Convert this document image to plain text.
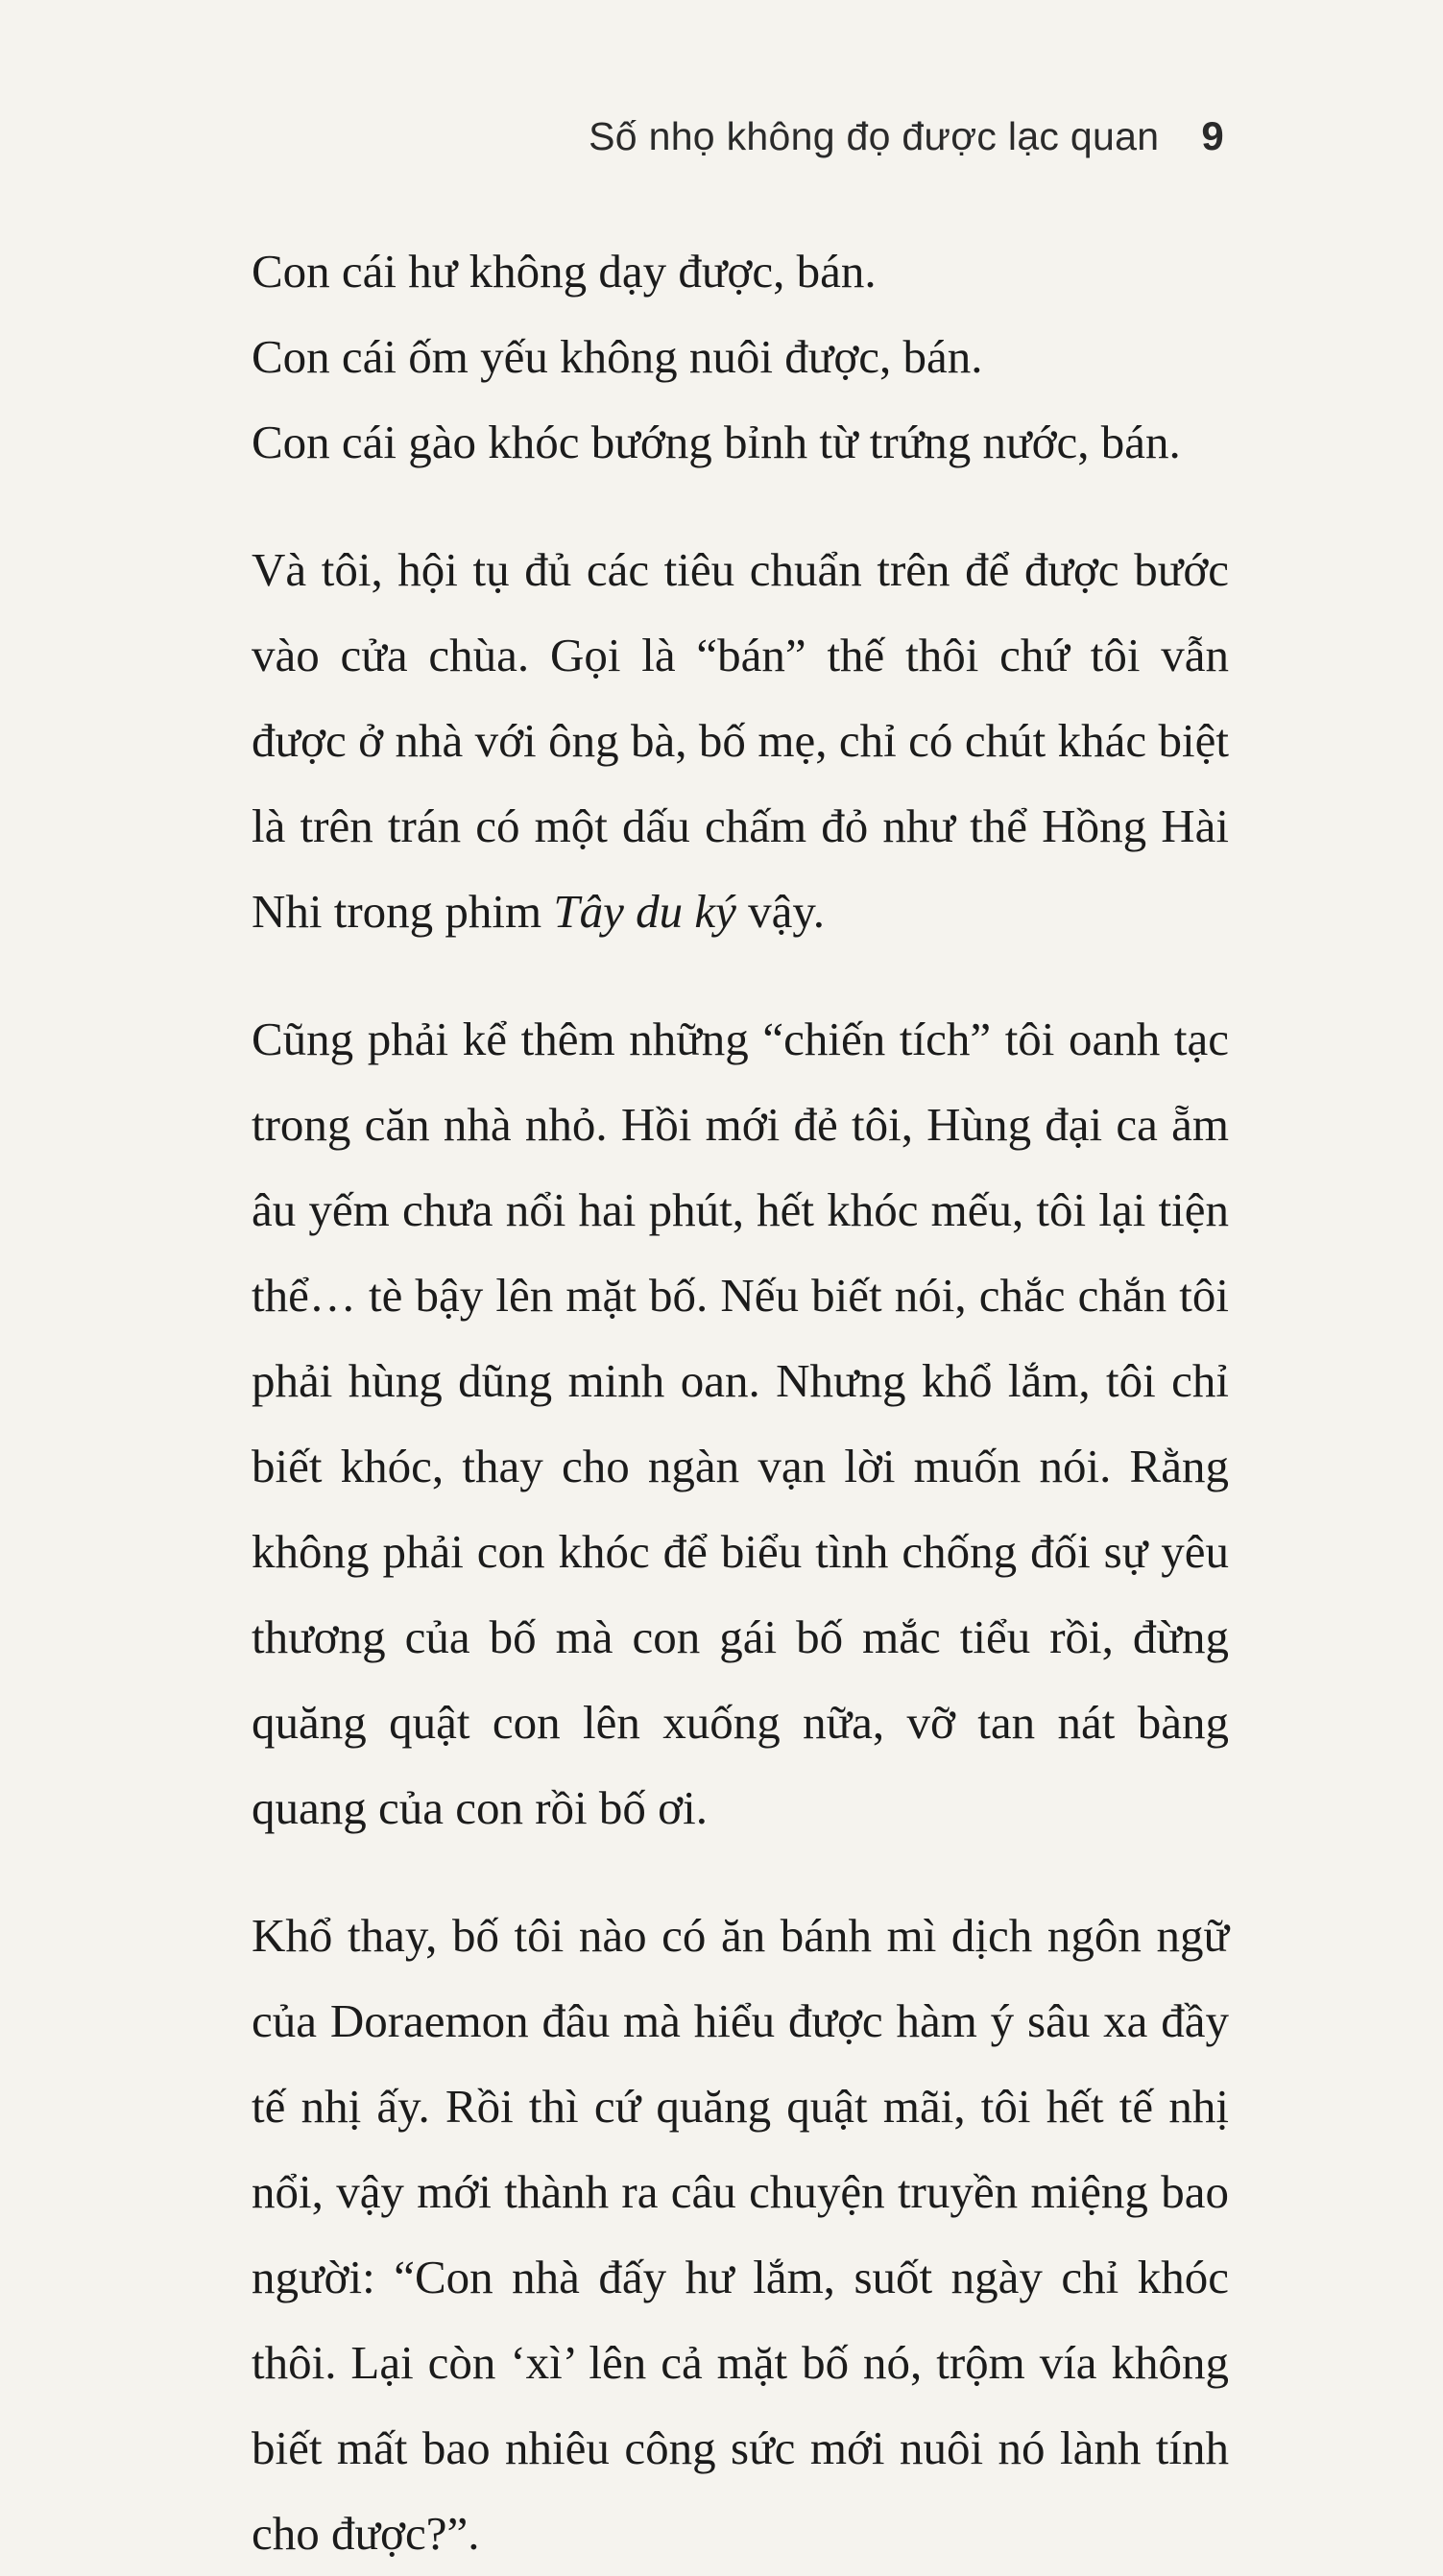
Số nhọ không đọ được lạc quan 9

Con cái hư không dạy được, bán.

Con cái ốm yếu không nuôi được, bán.

Con cái gào khóc bướng bỉnh từ trứng nước, bán.

Và tôi, hội tụ đủ các tiêu chuẩn trên để được bước vào cửa chùa. Gọi là “bán” thế thôi chứ tôi vẫn được ở nhà với ông bà, bố mẹ, chỉ có chút khác biệt là trên trán có một dấu chấm đỏ như thể Hồng Hài Nhi trong phim Tây du ký vậy.

Cũng phải kể thêm những “chiến tích” tôi oanh tạc trong căn nhà nhỏ. Hồi mới đẻ tôi, Hùng đại ca ẵm âu yếm chưa nổi hai phút, hết khóc mếu, tôi lại tiện thể… tè bậy lên mặt bố. Nếu biết nói, chắc chắn tôi phải hùng dũng minh oan. Nhưng khổ lắm, tôi chỉ biết khóc, thay cho ngàn vạn lời muốn nói. Rằng không phải con khóc để biểu tình chống đối sự yêu thương của bố mà con gái bố mắc tiểu rồi, đừng quăng quật con lên xuống nữa, vỡ tan nát bàng quang của con rồi bố ơi.

Khổ thay, bố tôi nào có ăn bánh mì dịch ngôn ngữ của Doraemon đâu mà hiểu được hàm ý sâu xa đầy tế nhị ấy. Rồi thì cứ quăng quật mãi, tôi hết tế nhị nổi, vậy mới thành ra câu chuyện truyền miệng bao người: “Con nhà đấy hư lắm, suốt ngày chỉ khóc thôi. Lại còn ‘xì’ lên cả mặt bố nó, trộm vía không biết mất bao nhiêu công sức mới nuôi nó lành tính cho được?”.
